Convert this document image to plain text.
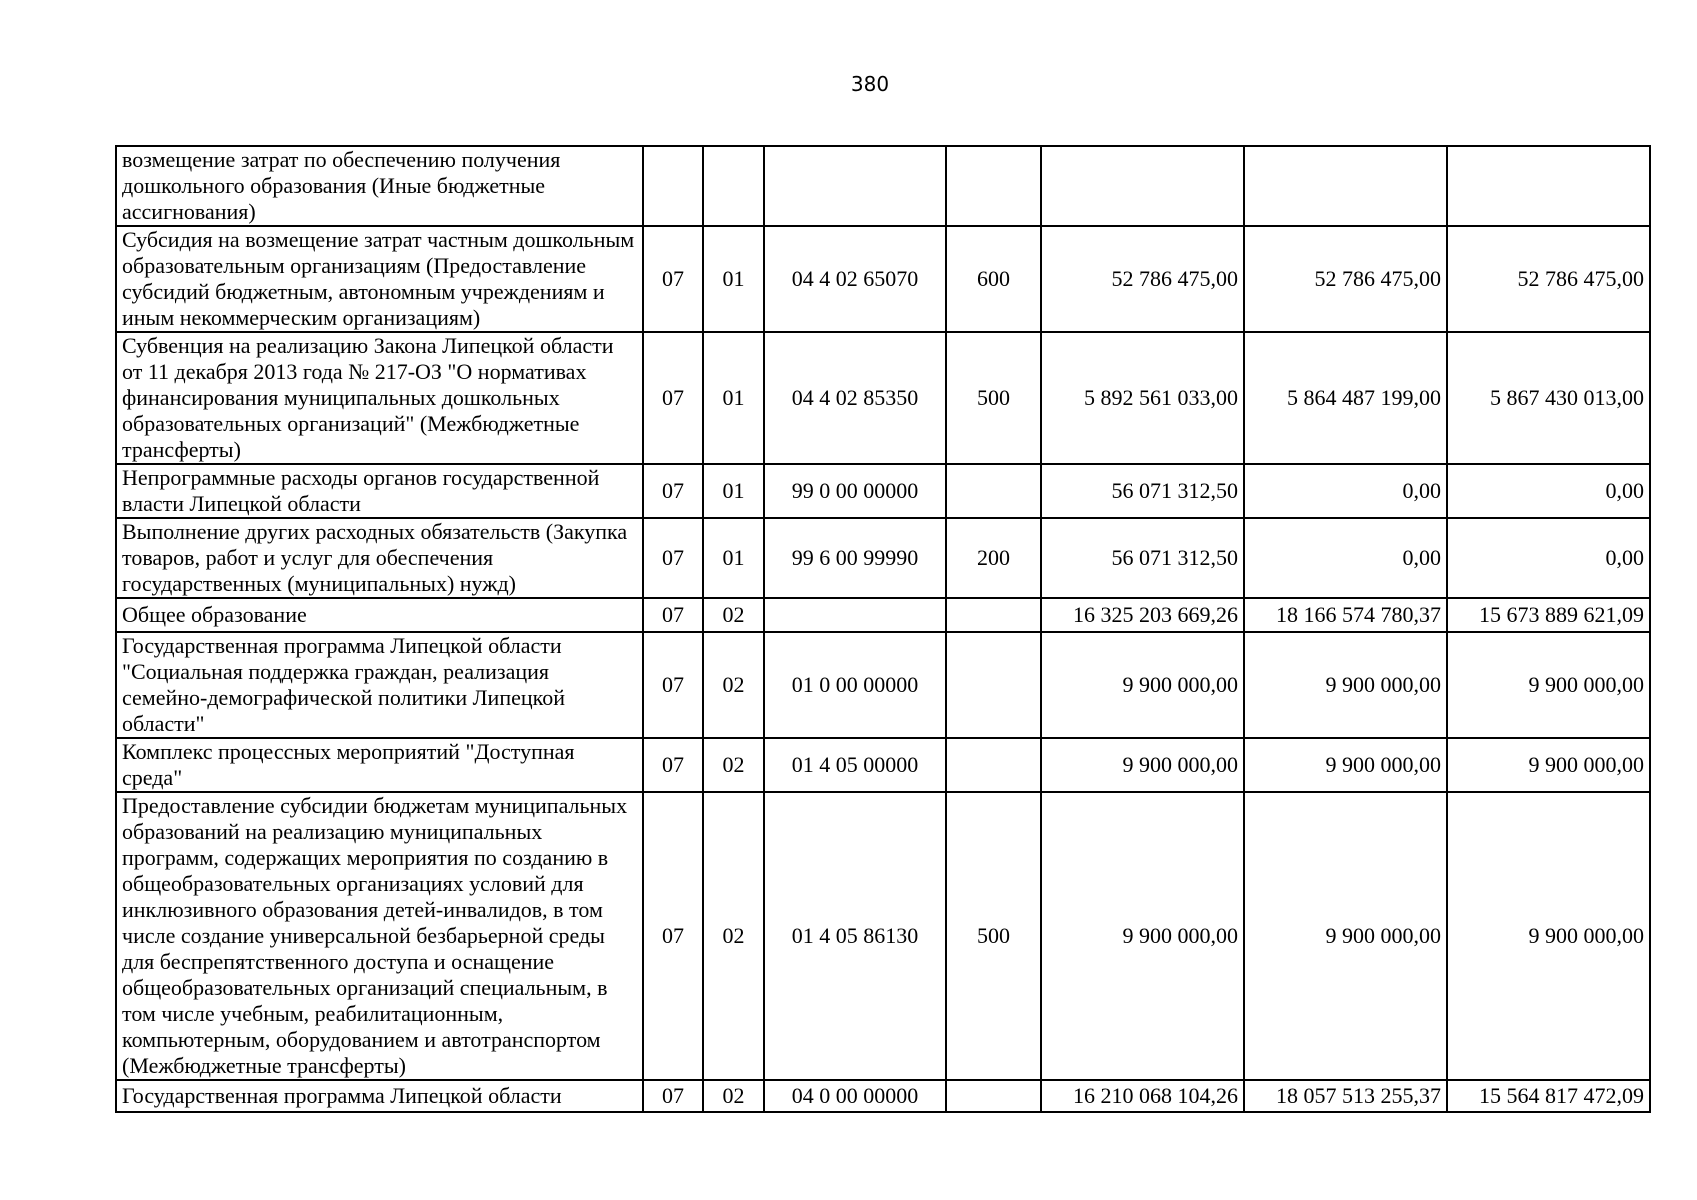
380
возмещение затрат по обеспечению получения дошкольного образования (Иные бюджетные ассигнования)							
Субсидия на возмещение затрат частным дошкольным образовательным организациям (Предоставление субсидий бюджетным, автономным учреждениям и иным некоммерческим организациям)	07	01	04 4 02 65070	600	52 786 475,00	52 786 475,00	52 786 475,00
Субвенция на реализацию Закона Липецкой области от 11 декабря 2013 года № 217-ОЗ "О нормативах финансирования муниципальных дошкольных образовательных организаций" (Межбюджетные трансферты)	07	01	04 4 02 85350	500	5 892 561 033,00	5 864 487 199,00	5 867 430 013,00
Непрограммные расходы органов государственной власти Липецкой области	07	01	99 0 00 00000		56 071 312,50	0,00	0,00
Выполнение других расходных обязательств (Закупка товаров, работ и услуг для обеспечения государственных (муниципальных) нужд)	07	01	99 6 00 99990	200	56 071 312,50	0,00	0,00
Общее образование	07	02			16 325 203 669,26	18 166 574 780,37	15 673 889 621,09
Государственная программа Липецкой области "Социальная поддержка граждан, реализация семейно-демографической политики Липецкой области"	07	02	01 0 00 00000		9 900 000,00	9 900 000,00	9 900 000,00
Комплекс процессных мероприятий "Доступная среда"	07	02	01 4 05 00000		9 900 000,00	9 900 000,00	9 900 000,00
Предоставление субсидии бюджетам муниципальных образований на реализацию муниципальных программ, содержащих мероприятия по созданию в общеобразовательных организациях условий для инклюзивного образования детей-инвалидов, в том числе создание универсальной безбарьерной среды для беспрепятственного доступа и оснащение общеобразовательных организаций специальным, в том числе учебным, реабилитационным, компьютерным, оборудованием и автотранспортом (Межбюджетные трансферты)	07	02	01 4 05 86130	500	9 900 000,00	9 900 000,00	9 900 000,00
Государственная программа Липецкой области	07	02	04 0 00 00000		16 210 068 104,26	18 057 513 255,37	15 564 817 472,09
